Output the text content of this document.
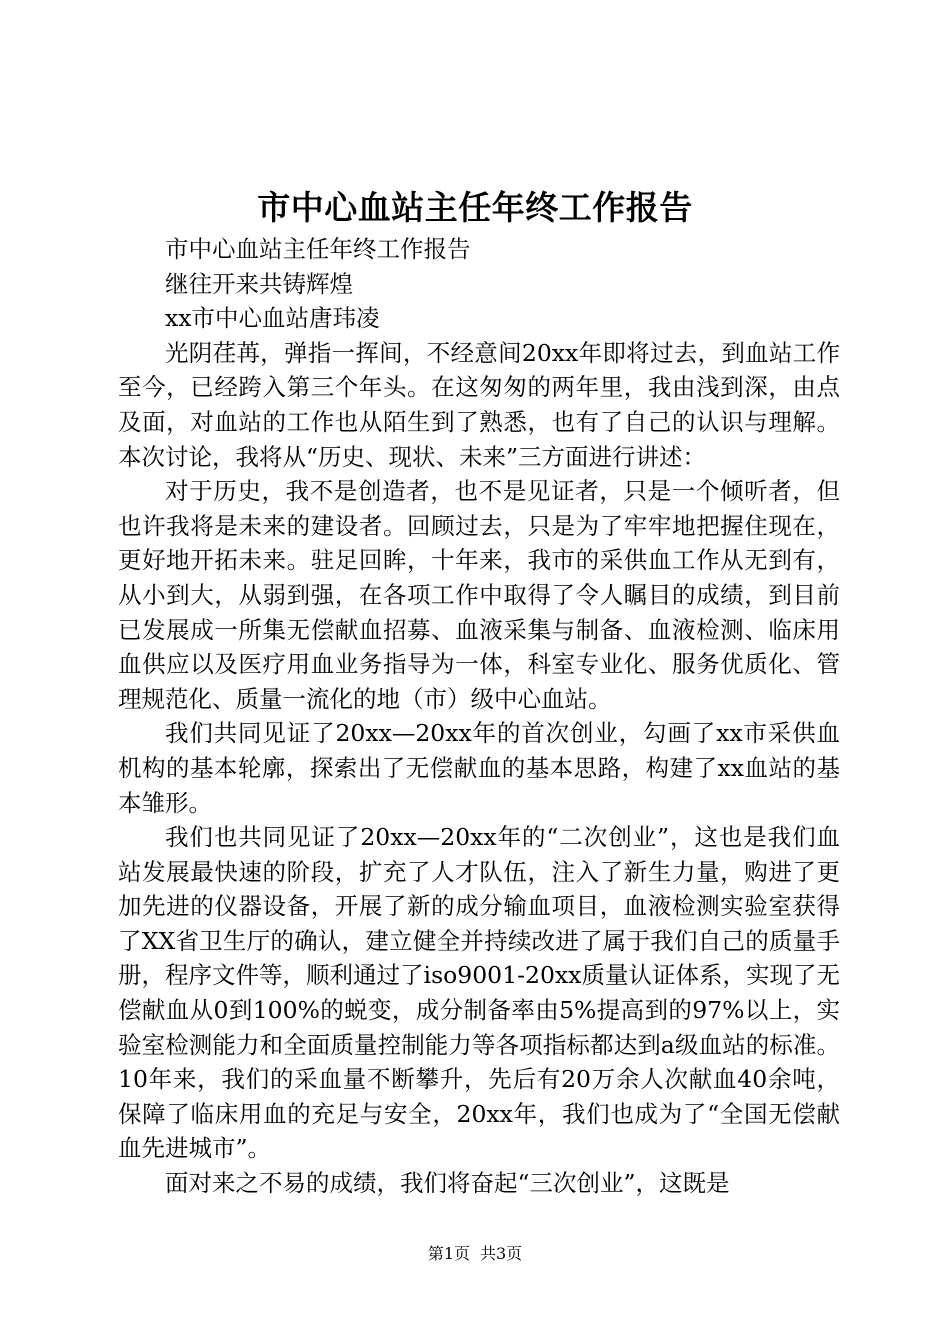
市中心血站主任年终工作报告

市中心血站主任年终工作报告

继往开来共铸辉煌

xx市中心血站唐玮凌

光阴荏苒，弹指一挥间，不经意间20xx年即将过去，到血站工作至今，已经跨入第三个年头。在这匆匆的两年里，我由浅到深，由点及面，对血站的工作也从陌生到了熟悉，也有了自己的认识与理解。本次讨论，我将从“历史、现状、未来”三方面进行讲述：

对于历史，我不是创造者，也不是见证者，只是一个倾听者，但也许我将是未来的建设者。回顾过去，只是为了牢牢地把握住现在，更好地开拓未来。驻足回眸，十年来，我市的采供血工作从无到有，从小到大，从弱到强，在各项工作中取得了令人瞩目的成绩，到目前已发展成一所集无偿献血招募、血液采集与制备、血液检测、临床用血供应以及医疗用血业务指导为一体，科室专业化、服务优质化、管理规范化、质量一流化的地（市）级中心血站。

我们共同见证了20xx—20xx年的首次创业，勾画了xx市采供血机构的基本轮廓，探索出了无偿献血的基本思路，构建了xx血站的基本雏形。

我们也共同见证了20xx—20xx年的“二次创业”，这也是我们血站发展最快速的阶段，扩充了人才队伍，注入了新生力量，购进了更加先进的仪器设备，开展了新的成分输血项目，血液检测实验室获得了XX省卫生厅的确认，建立健全并持续改进了属于我们自己的质量手册，程序文件等，顺利通过了iso9001-20xx质量认证体系，实现了无偿献血从0到100%的蜕变，成分制备率由5%提高到的97%以上，实验室检测能力和全面质量控制能力等各项指标都达到a级血站的标准。10年来，我们的采血量不断攀升，先后有20万余人次献血40余吨，保障了临床用血的充足与安全，20xx年，我们也成为了“全国无偿献血先进城市”。

面对来之不易的成绩，我们将奋起“三次创业”，这既是

第1页 共3页
